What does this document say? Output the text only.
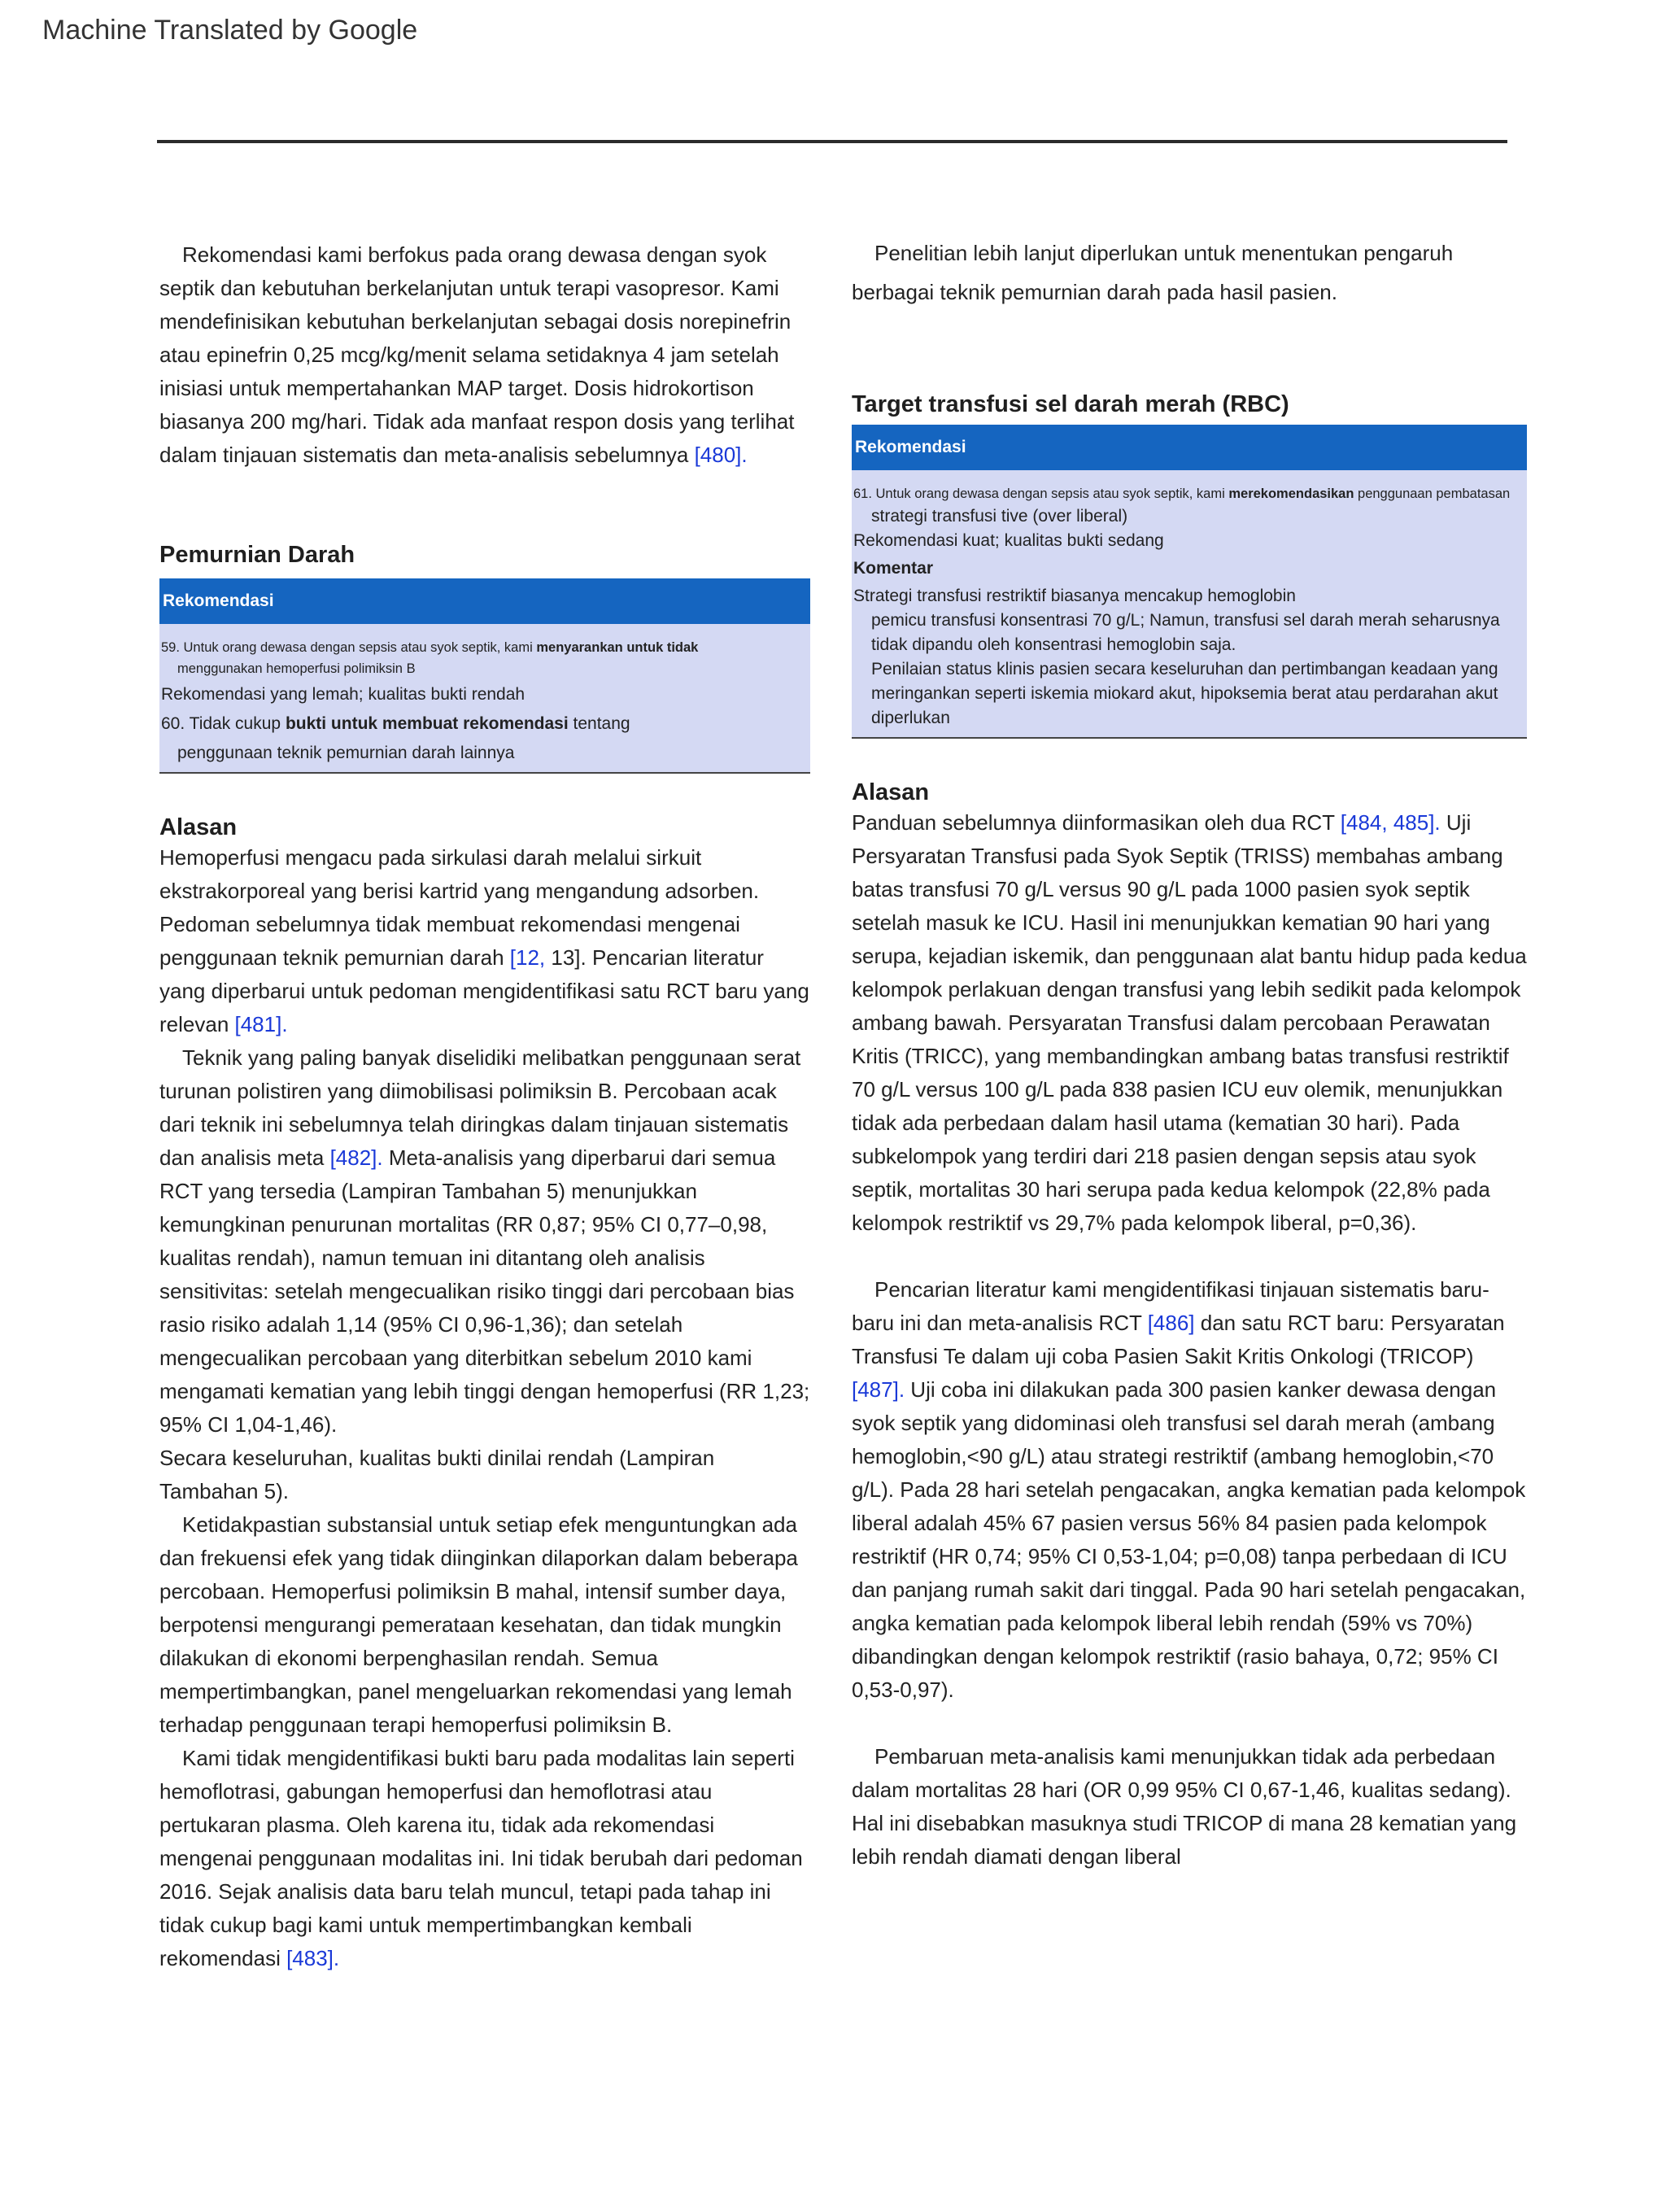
Machine Translated by Google

Rekomendasi kami berfokus pada orang dewasa dengan syok septik dan kebutuhan berkelanjutan untuk terapi vasopresor. Kami mendefinisikan kebutuhan berkelanjutan sebagai dosis norepinefrin atau epinefrin 0,25 mcg/kg/menit selama setidaknya 4 jam setelah inisiasi untuk mempertahankan MAP target. Dosis hidrokortison biasanya 200 mg/hari. Tidak ada manfaat respon dosis yang terlihat dalam tinjauan sistematis dan meta-analisis sebelumnya [480].

Pemurnian Darah
Rekomendasi

59. Untuk orang dewasa dengan sepsis atau syok septik, kami menyarankan untuk tidak

menggunakan hemoperfusi polimiksin B

Rekomendasi yang lemah; kualitas bukti rendah

60. Tidak cukup bukti untuk membuat rekomendasi tentang

penggunaan teknik pemurnian darah lainnya

Alasan

Hemoperfusi mengacu pada sirkulasi darah melalui sirkuit ekstrakorporeal yang berisi kartrid yang mengandung adsorben. Pedoman sebelumnya tidak membuat rekomendasi mengenai penggunaan teknik pemurnian darah [12, 13]. Pencarian literatur yang diperbarui untuk pedoman mengidentifikasi satu RCT baru yang relevan [481].

Teknik yang paling banyak diselidiki melibatkan penggunaan serat turunan polistiren yang diimobilisasi polimiksin B. Percobaan acak dari teknik ini sebelumnya telah diringkas dalam tinjauan sistematis dan analisis meta [482]. Meta-analisis yang diperbarui dari semua RCT yang tersedia (Lampiran Tambahan 5) menunjukkan kemungkinan penurunan mortalitas (RR 0,87; 95% CI 0,77–0,98, kualitas rendah), namun temuan ini ditantang oleh analisis sensitivitas: setelah mengecualikan risiko tinggi dari percobaan bias rasio risiko adalah 1,14 (95% CI 0,96-1,36); dan setelah mengecualikan percobaan yang diterbitkan sebelum 2010 kami mengamati kematian yang lebih tinggi dengan hemoperfusi (RR 1,23; 95% CI 1,04-1,46).

Secara keseluruhan, kualitas bukti dinilai rendah (Lampiran Tambahan 5).

Ketidakpastian substansial untuk setiap efek menguntungkan ada dan frekuensi efek yang tidak diinginkan dilaporkan dalam beberapa percobaan. Hemoperfusi polimiksin B mahal, intensif sumber daya, berpotensi mengurangi pemerataan kesehatan, dan tidak mungkin dilakukan di ekonomi berpenghasilan rendah. Semua mempertimbangkan, panel mengeluarkan rekomendasi yang lemah terhadap penggunaan terapi hemoperfusi polimiksin B.

Kami tidak mengidentifikasi bukti baru pada modalitas lain seperti hemoflotrasi, gabungan hemoperfusi dan hemoflotrasi atau pertukaran plasma. Oleh karena itu, tidak ada rekomendasi mengenai penggunaan modalitas ini. Ini tidak berubah dari pedoman 2016. Sejak analisis data baru telah muncul, tetapi pada tahap ini tidak cukup bagi kami untuk mempertimbangkan kembali rekomendasi [483].

Penelitian lebih lanjut diperlukan untuk menentukan pengaruh berbagai teknik pemurnian darah pada hasil pasien.

Target transfusi sel darah merah (RBC)
Rekomendasi

61. Untuk orang dewasa dengan sepsis atau syok septik, kami merekomendasikan penggunaan pembatasan

strategi transfusi tive (over liberal)

Rekomendasi kuat; kualitas bukti sedang

Komentar

Strategi transfusi restriktif biasanya mencakup hemoglobin

pemicu transfusi konsentrasi 70 g/L; Namun, transfusi sel darah merah seharusnya tidak dipandu oleh konsentrasi hemoglobin saja.

Penilaian status klinis pasien secara keseluruhan dan pertimbangan keadaan yang meringankan seperti iskemia miokard akut, hipoksemia berat atau perdarahan akut diperlukan

Alasan

Panduan sebelumnya diinformasikan oleh dua RCT [484, 485]. Uji Persyaratan Transfusi pada Syok Septik (TRISS) membahas ambang batas transfusi 70 g/L versus 90 g/L pada 1000 pasien syok septik setelah masuk ke ICU. Hasil ini menunjukkan kematian 90 hari yang serupa, kejadian iskemik, dan penggunaan alat bantu hidup pada kedua kelompok perlakuan dengan transfusi yang lebih sedikit pada kelompok ambang bawah. Persyaratan Transfusi dalam percobaan Perawatan Kritis (TRICC), yang membandingkan ambang batas transfusi restriktif 70 g/L versus 100 g/L pada 838 pasien ICU euv olemik, menunjukkan tidak ada perbedaan dalam hasil utama (kematian 30 hari). Pada subkelompok yang terdiri dari 218 pasien dengan sepsis atau syok septik, mortalitas 30 hari serupa pada kedua kelompok (22,8% pada kelompok restriktif vs 29,7% pada kelompok liberal, p=0,36).

Pencarian literatur kami mengidentifikasi tinjauan sistematis baru-baru ini dan meta-analisis RCT [486] dan satu RCT baru: Persyaratan Transfusi Te dalam uji coba Pasien Sakit Kritis Onkologi (TRICOP) [487]. Uji coba ini dilakukan pada 300 pasien kanker dewasa dengan syok septik yang didominasi oleh transfusi sel darah merah (ambang hemoglobin,<90 g/L) atau strategi restriktif (ambang hemoglobin,<70 g/L). Pada 28 hari setelah pengacakan, angka kematian pada kelompok liberal adalah 45% 67 pasien versus 56% 84 pasien pada kelompok restriktif (HR 0,74; 95% CI 0,53-1,04; p=0,08) tanpa perbedaan di ICU dan panjang rumah sakit dari tinggal. Pada 90 hari setelah pengacakan, angka kematian pada kelompok liberal lebih rendah (59% vs 70%) dibandingkan dengan kelompok restriktif (rasio bahaya, 0,72; 95% CI 0,53-0,97).

Pembaruan meta-analisis kami menunjukkan tidak ada perbedaan dalam mortalitas 28 hari (OR 0,99 95% CI 0,67-1,46, kualitas sedang). Hal ini disebabkan masuknya studi TRICOP di mana 28 kematian yang lebih rendah diamati dengan liberal
